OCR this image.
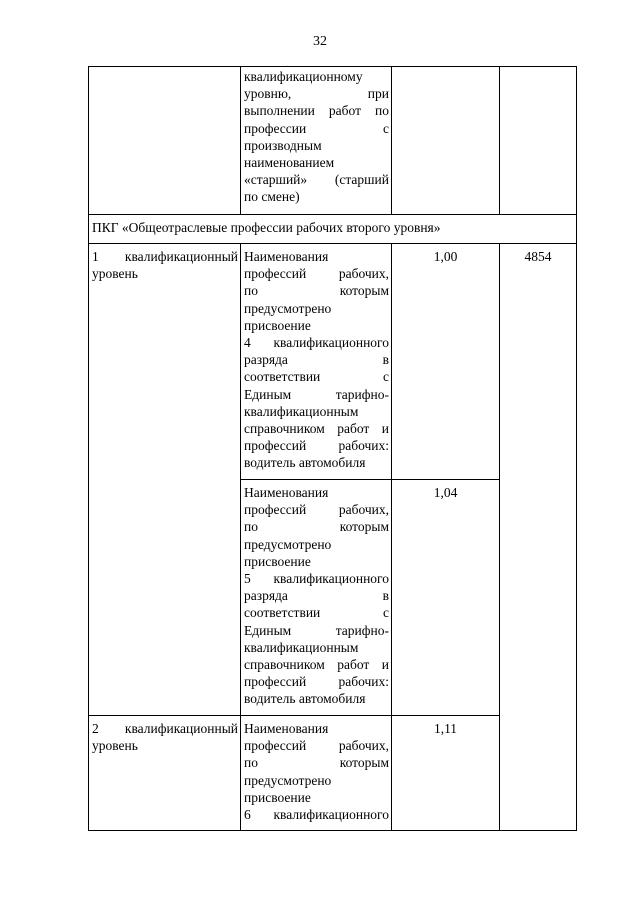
32
квалификационному
уровню, при
выполнении работ по
профессии с
производным
наименованием
«старший» (старший
по смене)
ПКГ «Общеотраслевые профессии рабочих второго уровня»
1   квалификационный
уровень
4854
Наименования
профессий рабочих,
по которым
предусмотрено
присвоение
4 квалификационного
разряда в
соответствии с
Единым тарифно-
квалификационным
справочником работ и
профессий рабочих:
водитель автомобиля
1,00
Наименования
профессий рабочих,
по которым
предусмотрено
присвоение
5 квалификационного
разряда в
соответствии с
Единым тарифно-
квалификационным
справочником работ и
профессий рабочих:
водитель автомобиля
1,04
2   квалификационный
уровень
Наименования
профессий рабочих,
по которым
предусмотрено
присвоение
6 квалификационного
1,11
